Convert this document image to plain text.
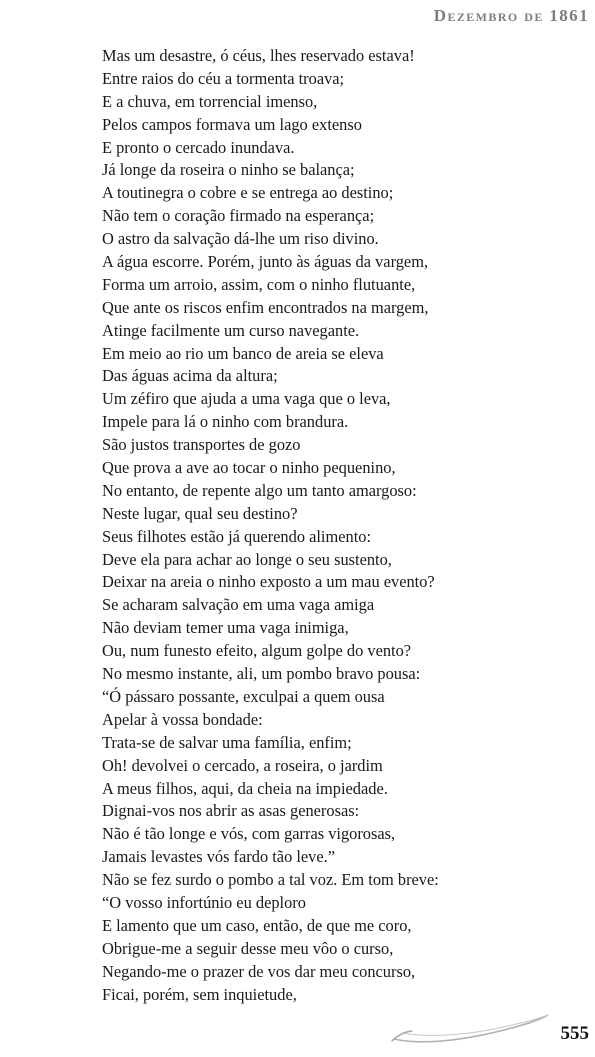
Dezembro de 1861
Mas um desastre, ó céus, lhes reservado estava!
Entre raios do céu a tormenta troava;
E a chuva, em torrencial imenso,
Pelos campos formava um lago extenso
E pronto o cercado inundava.
Já longe da roseira o ninho se balança;
A toutinegra o cobre e se entrega ao destino;
Não tem o coração firmado na esperança;
O astro da salvação dá-lhe um riso divino.
A água escorre. Porém, junto às águas da vargem,
Forma um arroio, assim, com o ninho flutuante,
Que ante os riscos enfim encontrados na margem,
Atinge facilmente um curso navegante.
Em meio ao rio um banco de areia se eleva
Das águas acima da altura;
Um zéfiro que ajuda a uma vaga que o leva,
Impele para lá o ninho com brandura.
São justos transportes de gozo
Que prova a ave ao tocar o ninho pequenino,
No entanto, de repente algo um tanto amargoso:
Neste lugar, qual seu destino?
Seus filhotes estão já querendo alimento:
Deve ela para achar ao longe o seu sustento,
Deixar na areia o ninho exposto a um mau evento?
Se acharam salvação em uma vaga amiga
Não deviam temer uma vaga inimiga,
Ou, num funesto efeito, algum golpe do vento?
No mesmo instante, ali, um pombo bravo pousa:
“Ó pássaro possante, exculpai a quem ousa
Apelar à vossa bondade:
Trata-se de salvar uma família, enfim;
Oh! devolvei o cercado, a roseira, o jardim
A meus filhos, aqui, da cheia na impiedade.
Dignai-vos nos abrir as asas generosas:
Não é tão longe e vós, com garras vigorosas,
Jamais levastes vós fardo tão leve.”
Não se fez surdo o pombo a tal voz. Em tom breve:
“O vosso infortúnio eu deploro
E lamento que um caso, então, de que me coro,
Obrigue-me a seguir desse meu vôo o curso,
Negando-me o prazer de vos dar meu concurso,
Ficai, porém, sem inquietude,
555
